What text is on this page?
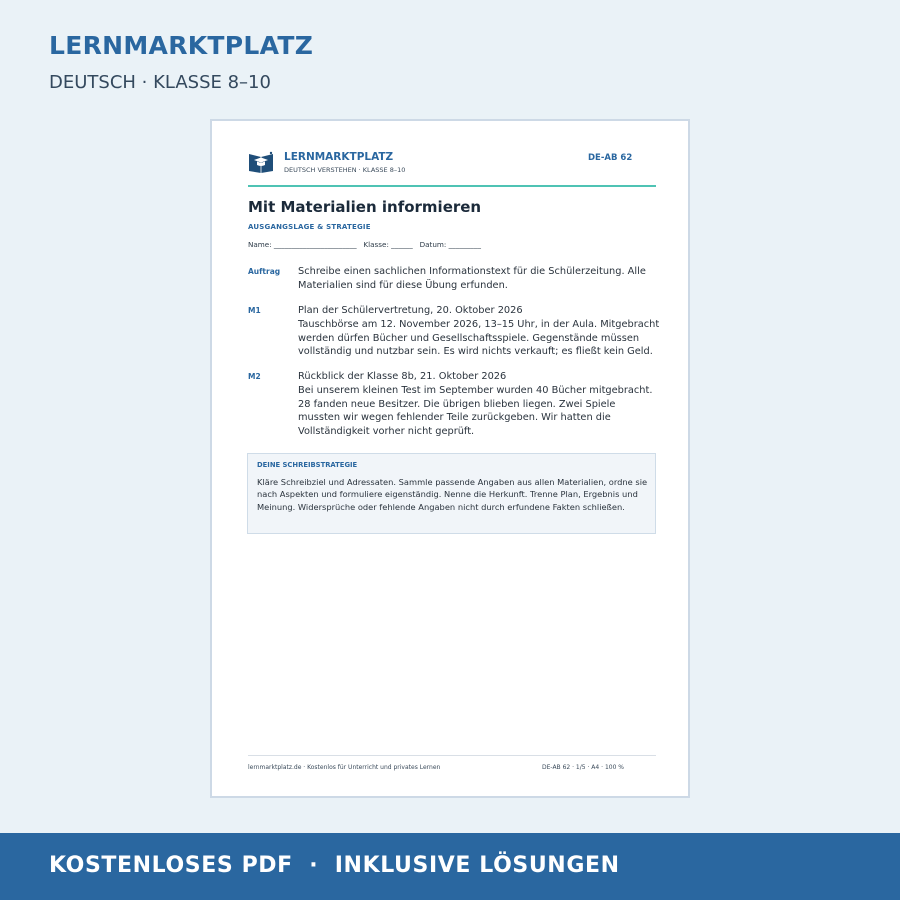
LERNMARKTPLATZ
DEUTSCH · KLASSE 8–10
LERNMARKTPLATZ
DEUTSCH VERSTEHEN · KLASSE 8–10
DE-AB 62
Mit Materialien informieren
AUSGANGSLAGE & STRATEGIE
Name: _______________________   Klasse: ______   Datum: _________
Auftrag Schreibe einen sachlichen Informationstext für die Schülerzeitung. Alle Materialien sind für diese Übung erfunden.

M1	Plan der Schülervertretung, 20. Oktober 2026

Tauschbörse am 12. November 2026, 13–15 Uhr, in der Aula. Mitgebracht werden dürfen Bücher und Gesellschaftsspiele. Gegenstände müssen vollständig und nutzbar sein. Es wird nichts verkauft; es fließt kein Geld.

M2	Rückblick der Klasse 8b, 21. Oktober 2026

Bei unserem kleinen Test im September wurden 40 Bücher mitgebracht. 28 fanden neue Besitzer. Die übrigen blieben liegen. Zwei Spiele mussten wir wegen fehlender Teile zurückgeben. Wir hatten die Vollständigkeit vorher nicht geprüft.

DEINE SCHREIBSTRATEGIE
Kläre Schreibziel und Adressaten. Sammle passende Angaben aus allen Materialien, ordne sie nach Aspekten und formuliere eigenständig. Nenne die Herkunft. Trenne Plan, Ergebnis und Meinung. Widersprüche oder fehlende Angaben nicht durch erfundene Fakten schließen.
lernmarktplatz.de · Kostenlos für Unterricht und privates Lernen	DE-AB 62 · 1/5 · A4 · 100 %
KOSTENLOSES PDF  ·  INKLUSIVE LÖSUNGEN
